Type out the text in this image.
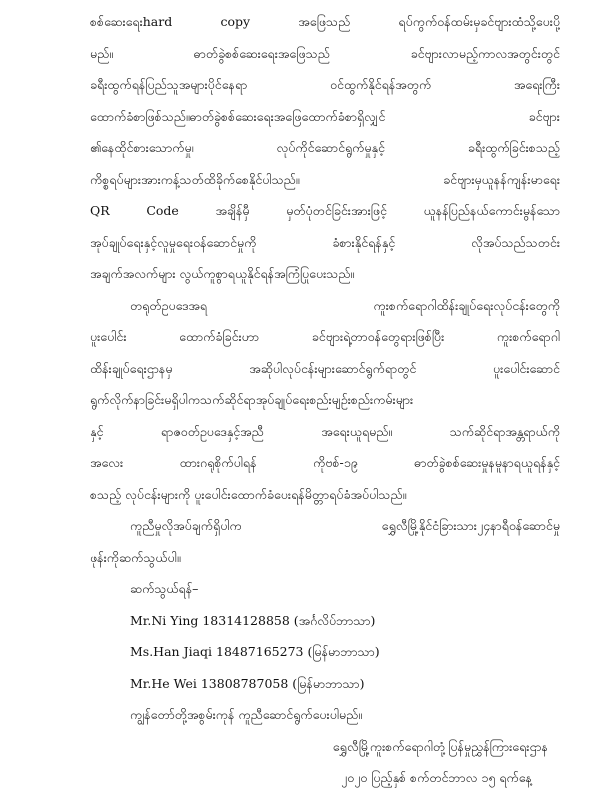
စစ်ဆေးရေးhard copy အဖြေသည် ရပ်ကွက်ဝန်ထမ်းမှခင်ဗျားထံသို့ပေးပို့
မည်။ ဓာတ်ခွဲစစ်ဆေးရေးအဖြေသည် ခင်ဗျားလာမည့်ကာလအတွင်းတွင်
ခရီးထွက်ရန်ပြည်သူအများပိုင်နေရာ ဝင်ထွက်နိုင်ရန်အတွက် အရေးကြီး
ထောက်ခံစာဖြစ်သည်။ဓာတ်ခွဲစစ်ဆေးရေးအဖြေထောက်ခံစာရှိလျှင် ခင်ဗျား
၏နေထိုင်စားသောက်မှု၊ လုပ်ကိုင်ဆောင်ရွက်မှုနှင့် ခရီးထွက်ခြင်းစသည့်
ကိစ္စရပ်များအားကန့်သတ်ထိခိုက်စေနိုင်ပါသည်။ ခင်ဗျားမှယူနန်ကျန်းမာရေး
QR Code အချိန်မှီ မှတ်ပုံတင်ခြင်းအားဖြင့် ယူနန်ပြည်နယ်ကောင်းမွန်သော
အုပ်ချုပ်ရေးနှင့်လူမှုရေးဝန်ဆောင်မှုကို ခံစားနိုင်ရန်နှင့် လိုအပ်သည်သတင်း
အချက်အလက်များ လွယ်ကူစွာရယူနိုင်ရန်အကြံပြုပေးသည်။
တရုတ်ဥပဒေအရ ကူးစက်ရောဂါထိန်းချုပ်ရေးလုပ်ငန်းတွေကို
ပူးပေါင်း ထောက်ခံခြင်းဟာ ခင်ဗျားရဲ့တာဝန်တွေရားဖြစ်ပြီး ကူးစက်ရောဂါ
ထိန်းချုပ်ရေးဌာနမှ အဆိုပါလုပ်ငန်းများဆောင်ရွက်ရာတွင် ပူးပေါင်းဆောင်
ရွက်လိုက်နာခြင်းမရှိပါကသက်ဆိုင်ရာအုပ်ချုပ်ရေးစည်းမျဉ်းစည်းကမ်းများ
နှင့် ရာဇဝတ်ဥပဒေနှင့်အညီ အရေးယူရမည်။ သက်ဆိုင်ရာအန္တရာယ်ကို
အလေး ထားဂရုစိုက်ပါရန် ကိုဗစ်-၁၉ ဓာတ်ခွဲစစ်ဆေးမှုနမူနာရယူရန်နှင့်
စသည့် လုပ်ငန်းများကို ပူးပေါင်းထောက်ခံပေးရန်မိတ္တာရပ်ခံအပ်ပါသည်။
ကူညီမှုလိုအပ်ချက်ရှိပါက ရွှေလီမြို့နိုင်ငံခြားသား၂၄နာရီဝန်ဆောင်မှု
ဖုန်းကိုဆက်သွယ်ပါ။
ဆက်သွယ်ရန်–
Mr.Ni Ying 18314128858 (အင်္ဂလိပ်ဘာသာ)
Ms.Han Jiaqi 18487165273 (မြန်မာဘာသာ)
Mr.He Wei 13808787058 (မြန်မာဘာသာ)
ကျွန်တော်တို့အစွမ်းကုန် ကူညီဆောင်ရွက်ပေးပါမည်။
ရွှေလီမြို့ကူးစက်ရောဂါတုံ့ပြန်မှုညွှန်ကြားရေးဌာန
၂၀၂၀ ပြည့်နှစ် စက်တင်ဘာလ ၁၅ ရက်နေ့
